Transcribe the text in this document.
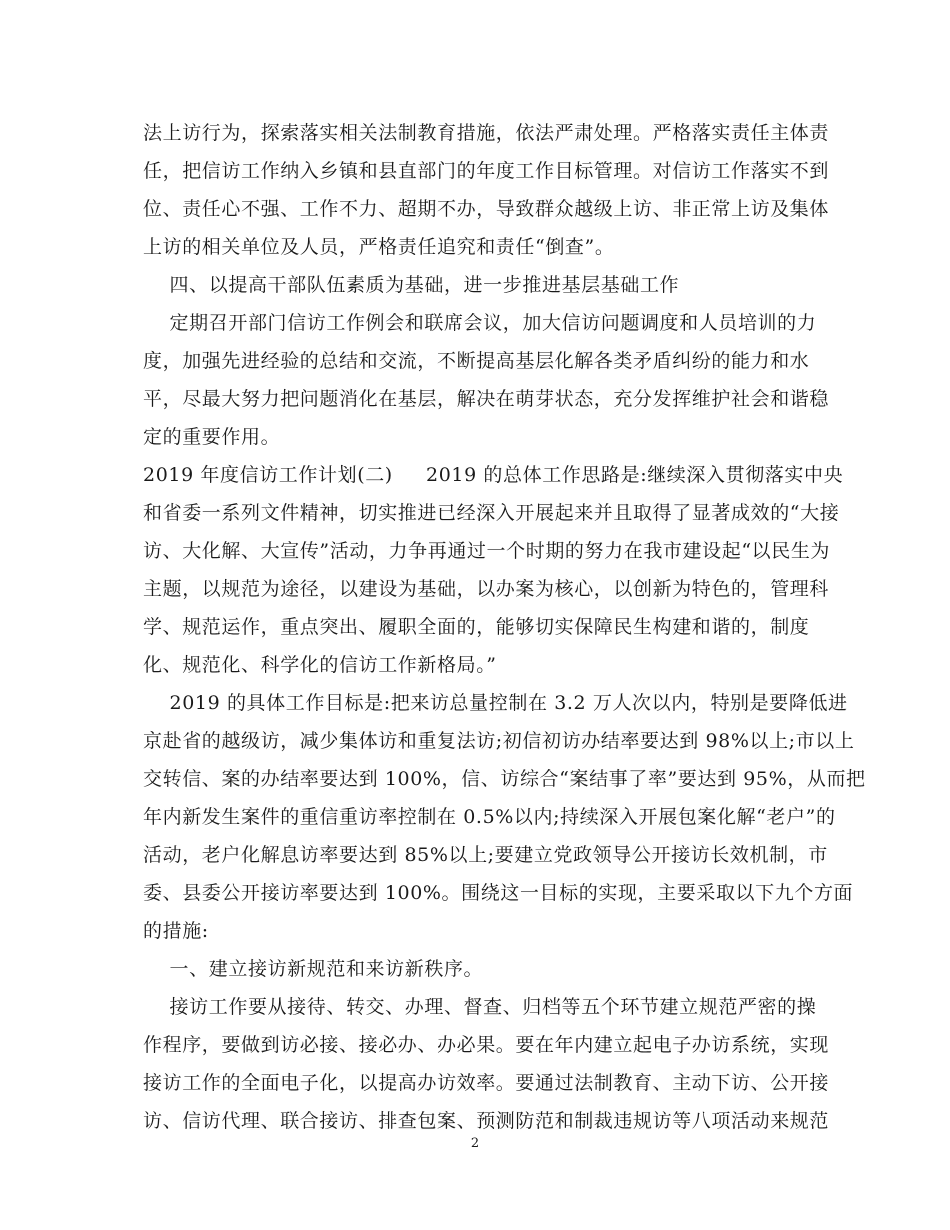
法上访行为，探索落实相关法制教育措施，依法严肃处理。严格落实责任主体责
任，把信访工作纳入乡镇和县直部门的年度工作目标管理。对信访工作落实不到
位、责任心不强、工作不力、超期不办，导致群众越级上访、非正常上访及集体
上访的相关单位及人员，严格责任追究和责任“倒查”。
四、以提高干部队伍素质为基础，进一步推进基层基础工作
定期召开部门信访工作例会和联席会议，加大信访问题调度和人员培训的力
度，加强先进经验的总结和交流，不断提高基层化解各类矛盾纠纷的能力和水
平，尽最大努力把问题消化在基层，解决在萌芽状态，充分发挥维护社会和谐稳
定的重要作用。
2019 年度信访工作计划(二)     2019 的总体工作思路是:继续深入贯彻落实中央
和省委一系列文件精神，切实推进已经深入开展起来并且取得了显著成效的“大接
访、大化解、大宣传”活动，力争再通过一个时期的努力在我市建设起“以民生为
主题，以规范为途径，以建设为基础，以办案为核心，以创新为特色的，管理科
学、规范运作，重点突出、履职全面的，能够切实保障民生构建和谐的，制度
化、规范化、科学化的信访工作新格局。”
2019 的具体工作目标是:把来访总量控制在 3.2 万人次以内，特别是要降低进
京赴省的越级访，减少集体访和重复法访;初信初访办结率要达到 98%以上;市以上
交转信、案的办结率要达到 100%，信、访综合“案结事了率”要达到 95%，从而把
年内新发生案件的重信重访率控制在 0.5%以内;持续深入开展包案化解“老户”的
活动，老户化解息访率要达到 85%以上;要建立党政领导公开接访长效机制，市
委、县委公开接访率要达到 100%。围绕这一目标的实现，主要采取以下九个方面
的措施:
一、建立接访新规范和来访新秩序。
接访工作要从接待、转交、办理、督查、归档等五个环节建立规范严密的操
作程序，要做到访必接、接必办、办必果。要在年内建立起电子办访系统，实现
接访工作的全面电子化，以提高办访效率。要通过法制教育、主动下访、公开接
访、信访代理、联合接访、排查包案、预测防范和制裁违规访等八项活动来规范
2
